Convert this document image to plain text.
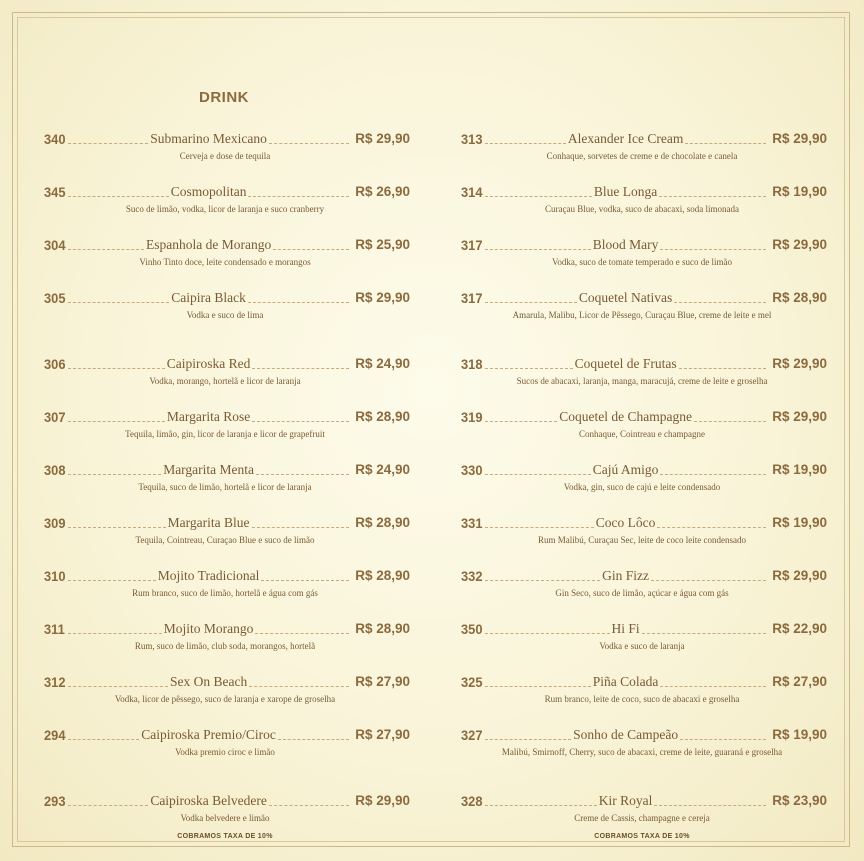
DRINK
340	Submarino Mexicano	R$ 29,90
Cerveja e dose de tequila
345	Cosmopolitan	R$ 26,90
Suco de limão, vodka, licor de laranja e suco cranberry
304	Espanhola de Morango	R$ 25,90
Vinho Tinto doce, leite condensado e morangos
305	Caipira Black	R$ 29,90
Vodka e suco de lima
306	Caipiroska Red	R$ 24,90
Vodka, morango, hortelã e licor de laranja
307	Margarita Rose	R$ 28,90
Tequila, limão, gin, licor de laranja e licor de grapefruit
308	Margarita Menta	R$ 24,90
Tequila, suco de limão, hortelã e licor de laranja
309	Margarita Blue	R$ 28,90
Tequila, Cointreau, Curaçao Blue e suco de limão
310	Mojito Tradicional	R$ 28,90
Rum branco, suco de limão, hortelã e água com gás
311	Mojito Morango	R$ 28,90
Rum, suco de limão, club soda, morangos, hortelã
312	Sex On Beach	R$ 27,90
Vodka, licor de pêssego, suco de laranja e xarope de groselha
294	Caipiroska Premio/Ciroc	R$ 27,90
Vodka premio ciroc e limão
293	Caipiroska Belvedere	R$ 29,90
Vodka belvedere e limão
COBRAMOS TAXA DE 10%
313	Alexander Ice Cream	R$ 29,90
Conhaque, sorvetes de creme e de chocolate e canela
314	Blue Longa	R$ 19,90
Curaçau Blue, vodka, suco de abacaxi, soda limonada
317	Blood Mary	R$ 29,90
Vodka, suco de tomate temperado e suco de limão
317	Coquetel Nativas	R$ 28,90
Amarula, Malibu, Licor de Pêssego, Curaçau Blue, creme de leite e mel
318	Coquetel de Frutas	R$ 29,90
Sucos de abacaxi, laranja, manga, maracujá, creme de leite e groselha
319	Coquetel de Champagne	R$ 29,90
Conhaque, Cointreau e champagne
330	Cajú Amigo	R$ 19,90
Vodka, gin, suco de cajú e leite condensado
331	Coco Lôco	R$ 19,90
Rum Malibú, Curaçau Sec, leite de coco leite condensado
332	Gin Fizz	R$ 29,90
Gin Seco, suco de limão, açúcar e água com gás
350	Hi Fi	R$ 22,90
Vodka e suco de laranja
325	Piña Colada	R$ 27,90
Rum branco, leite de coco, suco de abacaxi e groselha
327	Sonho de Campeão	R$ 19,90
Malibú, Smirnoff, Cherry, suco de abacaxi, creme de leite, guaraná e groselha
328	Kir Royal	R$ 23,90
Creme de Cassis, champagne e cereja
COBRAMOS TAXA DE 10%
